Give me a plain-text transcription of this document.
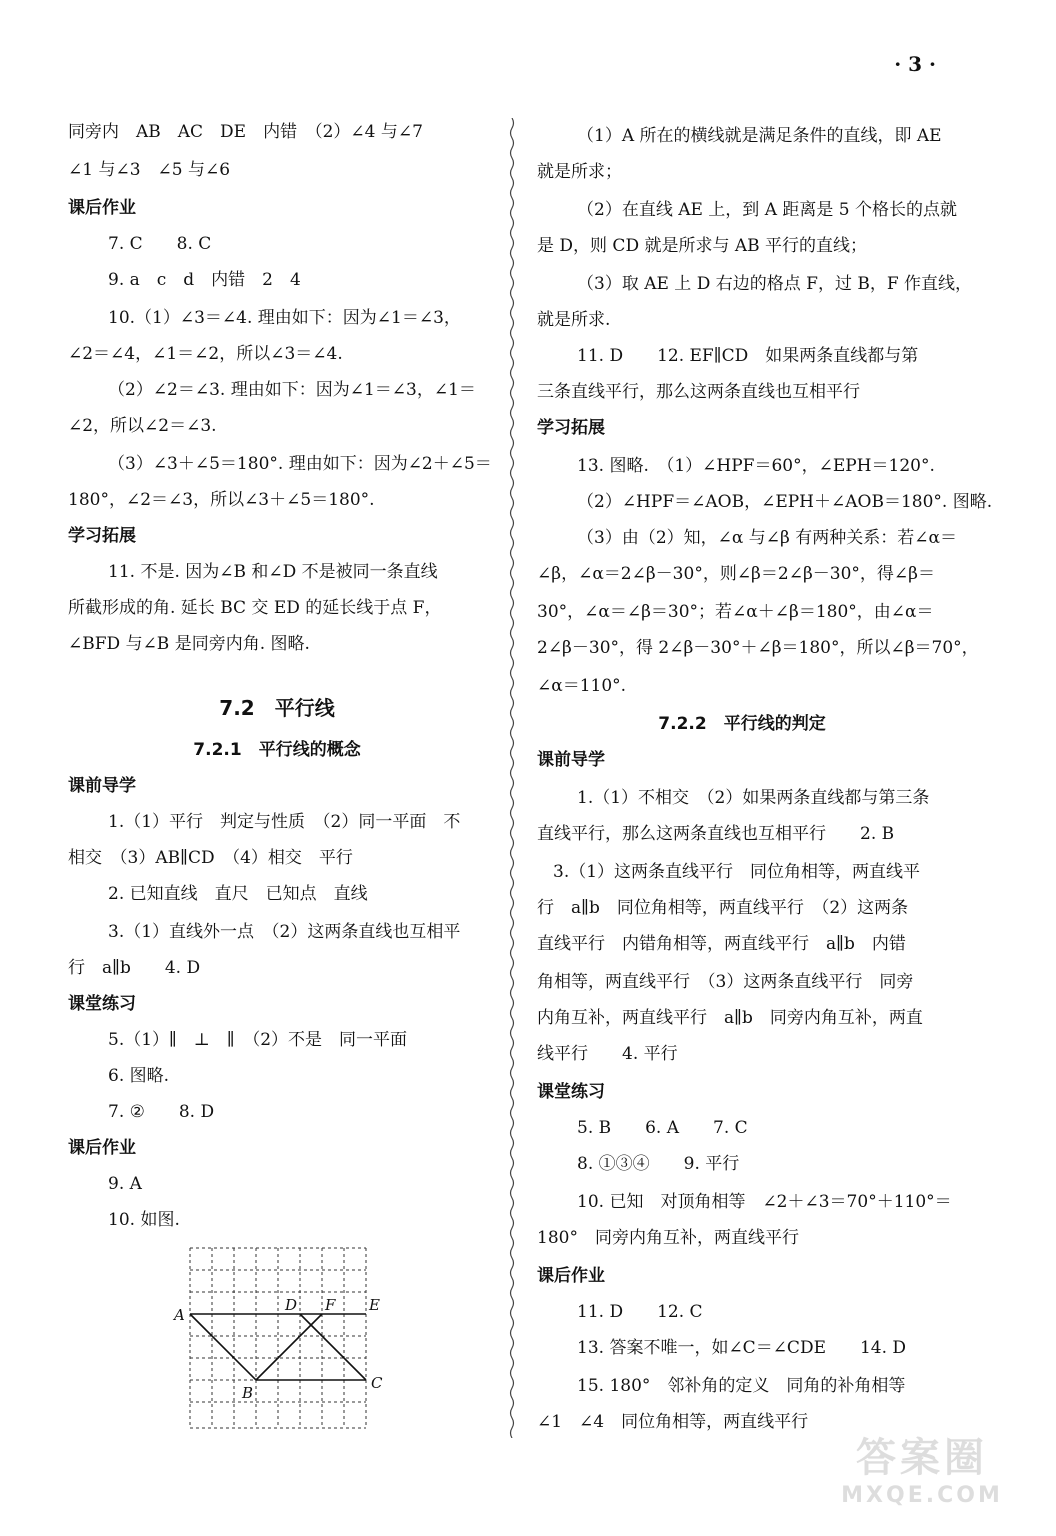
· 3 ·
同旁内　AB　AC　DE　内错　（2）∠4 与∠7
∠1 与∠3　∠5 与∠6
课后作业
7. C　　8. C
9. a　c　d　内错　2　4
10.（1）∠3＝∠4. 理由如下：因为∠1＝∠3，
∠2＝∠4，∠1＝∠2，所以∠3＝∠4.
（2）∠2＝∠3. 理由如下：因为∠1＝∠3，∠1＝
∠2，所以∠2＝∠3.
（3）∠3＋∠5＝180°. 理由如下：因为∠2＋∠5＝
180°，∠2＝∠3，所以∠3＋∠5＝180°.
学习拓展
11. 不是. 因为∠B 和∠D 不是被同一条直线
所截形成的角. 延长 BC 交 ED 的延长线于点 F，
∠BFD 与∠B 是同旁内角. 图略.
7.2　平行线
7.2.1　平行线的概念
课前导学
1.（1）平行　判定与性质　（2）同一平面　不
相交　（3）AB∥CD　（4）相交　平行
2. 已知直线　直尺　已知点　直线
3.（1）直线外一点　（2）这两条直线也互相平
行　a∥b　　4. D
课堂练习
5.（1）∥　⊥　∥　（2）不是　同一平面
6. 图略.
7. ②　　8. D
课后作业
9. A
10. 如图.
A
B
C
D F E
（1）A 所在的横线就是满足条件的直线，即 AE
就是所求；
（2）在直线 AE 上，到 A 距离是 5 个格长的点就
是 D，则 CD 就是所求与 AB 平行的直线；
（3）取 AE 上 D 右边的格点 F，过 B，F 作直线，
就是所求.
11. D　　12. EF∥CD　如果两条直线都与第
三条直线平行，那么这两条直线也互相平行
学习拓展
13. 图略.　（1）∠HPF＝60°，∠EPH＝120°.
（2）∠HPF＝∠AOB，∠EPH＋∠AOB＝180°. 图略.
（3）由（2）知，∠α 与∠β 有两种关系：若∠α＝
∠β，∠α＝2∠β－30°，则∠β＝2∠β－30°，得∠β＝
30°，∠α＝∠β＝30°；若∠α＋∠β＝180°，由∠α＝
2∠β－30°，得 2∠β－30°＋∠β＝180°，所以∠β＝70°，
∠α＝110°.
7.2.2　平行线的判定
课前导学
1.（1）不相交　（2）如果两条直线都与第三条
直线平行，那么这两条直线也互相平行　　2. B
3.（1）这两条直线平行　同位角相等，两直线平
行　a∥b　同位角相等，两直线平行　（2）这两条
直线平行　内错角相等，两直线平行　a∥b　内错
角相等，两直线平行　（3）这两条直线平行　同旁
内角互补，两直线平行　a∥b　同旁内角互补，两直
线平行　　4. 平行
课堂练习
5. B　　6. A　　7. C
8. ①③④　　9. 平行
10. 已知　对顶角相等　∠2＋∠3＝70°＋110°＝
180°　同旁内角互补，两直线平行
课后作业
11. D　　12. C
13. 答案不唯一，如∠C＝∠CDE　　14. D
15. 180°　邻补角的定义　同角的补角相等
∠1　∠4　同位角相等，两直线平行
答案圈
MXQE.COM
